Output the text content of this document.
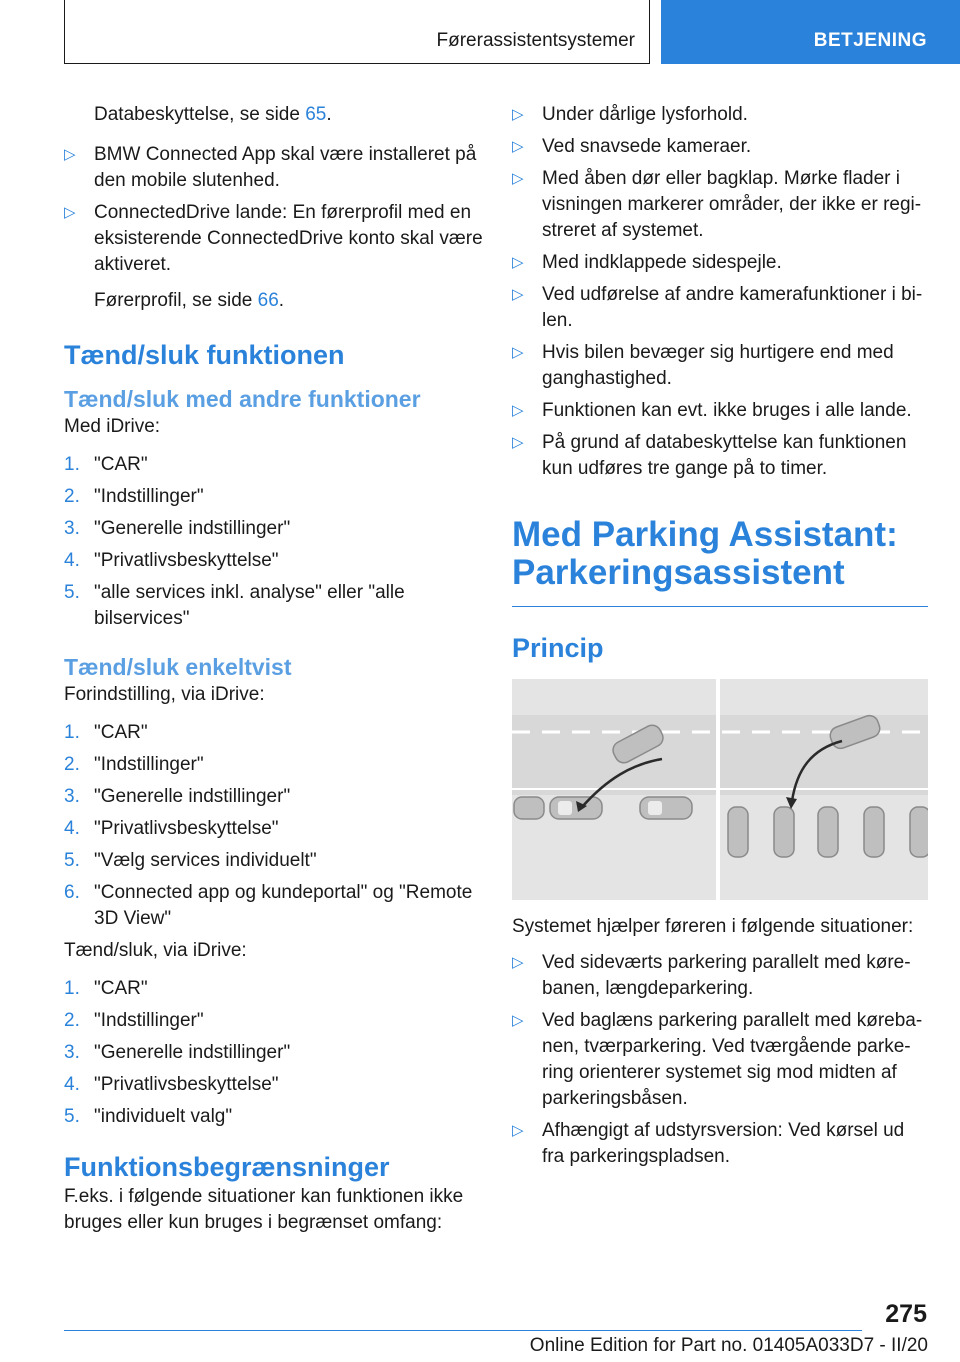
Førerassistentsystemer	BETJENING

Databeskyttelse, se side 65.

▷ BMW Connected App skal være installeret på den mobile slutenhed.
▷ ConnectedDrive lande: En førerprofil med en eksisterende ConnectedDrive konto skal være aktiveret.

Førerprofil, se side 66.

Tænd/sluk funktionen
Tænd/sluk med andre funktioner

Med iDrive:

1. "CAR"
2. "Indstillinger"
3. "Generelle indstillinger"
4. "Privatlivsbeskyttelse"
5. "alle services inkl. analyse" eller "alle bilservices"
Tænd/sluk enkeltvist

Forindstilling, via iDrive:

1. "CAR"
2. "Indstillinger"
3. "Generelle indstillinger"
4. "Privatlivsbeskyttelse"
5. "Vælg services individuelt"
6. "Connected app og kundeportal" og "Remote 3D View"

Tænd/sluk, via iDrive:

1. "CAR"
2. "Indstillinger"
3. "Generelle indstillinger"
4. "Privatlivsbeskyttelse"
5. "individuelt valg"
Funktionsbegrænsninger

F.eks. i følgende situationer kan funktionen ikke bruges eller kun bruges i begrænset omfang:

▷ Under dårlige lysforhold.
▷ Ved snavsede kameraer.
▷ Med åben dør eller bagklap. Mørke flader i visningen markerer områder, der ikke er regi-streret af systemet.
▷ Med indklappede sidespejle.
▷ Ved udførelse af andre kamerafunktioner i bi-len.
▷ Hvis bilen bevæger sig hurtigere end med ganghastighed.
▷ Funktionen kan evt. ikke bruges i alle lande.
▷ På grund af databeskyttelse kan funktionen kun udføres tre gange på to timer.
Med Parking Assistant:
Parkeringsassistent
Princip

Systemet hjælper føreren i følgende situationer:

▷ Ved sideværts parkering parallelt med køre-banen, længdeparkering.
▷ Ved baglæns parkering parallelt med køreba-nen, tværparkering. Ved tværgående parke-ring orienterer systemet sig mod midten af parkeringsbåsen.
▷ Afhængigt af udstyrsversion: Ved kørsel ud fra parkeringspladsen.
275
Online Edition for Part no. 01405A033D7 - II/20
